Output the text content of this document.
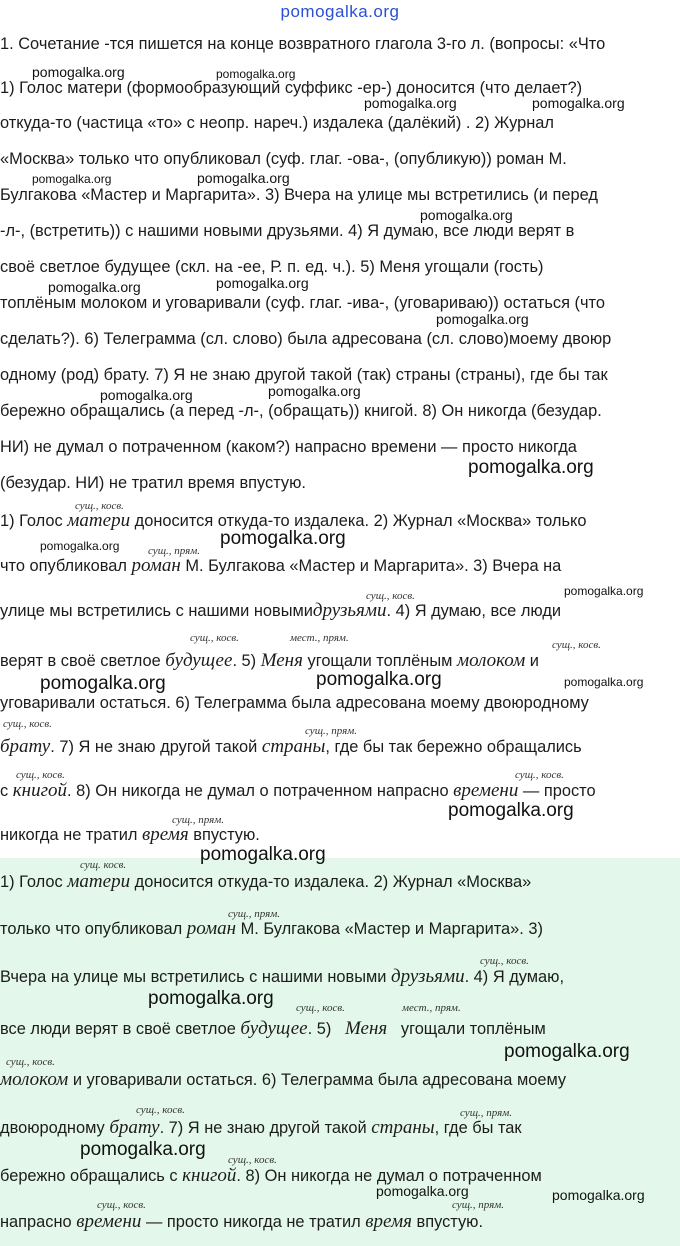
pomogalka.org
1. Сочетание -тся пишется на конце возвратного глагола 3-го л. (вопросы: «Что
1) Голос матери (формообразующий суффикс -ер-) доносится (что делает?)
откуда-то (частица «то» с неопр. нареч.) издалека (далёкий) . 2) Журнал
«Москва» только что опубликовал (суф. глаг. -ова-, (опубликую)) роман М.
Булгакова «Мастер и Маргарита». 3) Вчера на улице мы встретились (и перед
-л-, (встретить)) с нашими новыми друзьями. 4) Я думаю, все люди верят в
своё светлое будущее (скл. на -ее, Р. п. ед. ч.). 5) Меня угощали (гость)
топлёным молоком и уговаривали (суф. глаг. -ива-, (уговариваю)) остаться (что
сделать?). 6) Телеграмма (сл. слово) была адресована (сл. слово)моему двоюр
одному (род) брату. 7) Я не знаю другой такой (так) страны (страны), где бы так
бережно обращались (а перед -л-, (обращать)) книгой. 8) Он никогда (безудар.
НИ) не думал о потраченном (каком?) напрасно времени — просто никогда
(безудар. НИ) не тратил время впустую.
сущ., косв.
1) Голос матери доносится откуда-то издалека. 2) Журнал «Москва» только
сущ., прям.
что опубликовал роман М. Булгакова «Мастер и Маргарита». 3) Вчера на
сущ., косв.
улице мы встретились с нашими новымидрузьями. 4) Я думаю, все люди
сущ., косв.	мест., прям.
сущ., косв.
верят в своё светлое будущее. 5) Меня угощали топлёным молоком и
уговаривали остаться. 6) Телеграмма была адресована моему двоюродному
сущ., косв.
сущ., прям.
брату. 7) Я не знаю другой такой страны, где бы так бережно обращались
сущ., косв.	сущ., косв.
с книгой. 8) Он никогда не думал о потраченном напрасно времени — просто
сущ., прям.
никогда не тратил время впустую.
сущ. косв.
1) Голос матери доносится откуда-то издалека. 2) Журнал «Москва»
сущ., прям.
только что опубликовал роман М. Булгакова «Мастер и Маргарита». 3)
сущ., косв.
Вчера на улице мы встретились с нашими новыми друзьями. 4) Я думаю,
сущ., косв.	мест., прям.
все люди верят в своё светлое будущее. 5) Меня угощали топлёным
сущ., косв.
молоком и уговаривали остаться. 6) Телеграмма была адресована моему
сущ., косв.	сущ., прям.
двоюродному брату. 7) Я не знаю другой такой страны, где бы так
сущ., косв.
бережно обращались с книгой. 8) Он никогда не думал о потраченном
сущ., косв.	сущ., прям.
напрасно времени — просто никогда не тратил время впустую.
pomogalka.org	pomogalka.org
pomogalka.org	pomogalka.org
pomogalka.org	pomogalka.org
pomogalka.org
pomogalka.org	pomogalka.org
pomogalka.org
pomogalka.org	pomogalka.org
pomogalka.org
pomogalka.org	pomogalka.org
pomogalka.org
pomogalka.org	pomogalka.org	pomogalka.org
pomogalka.org
pomogalka.org
pomogalka.org
pomogalka.org
pomogalka.org
pomogalka.org	pomogalka.org
